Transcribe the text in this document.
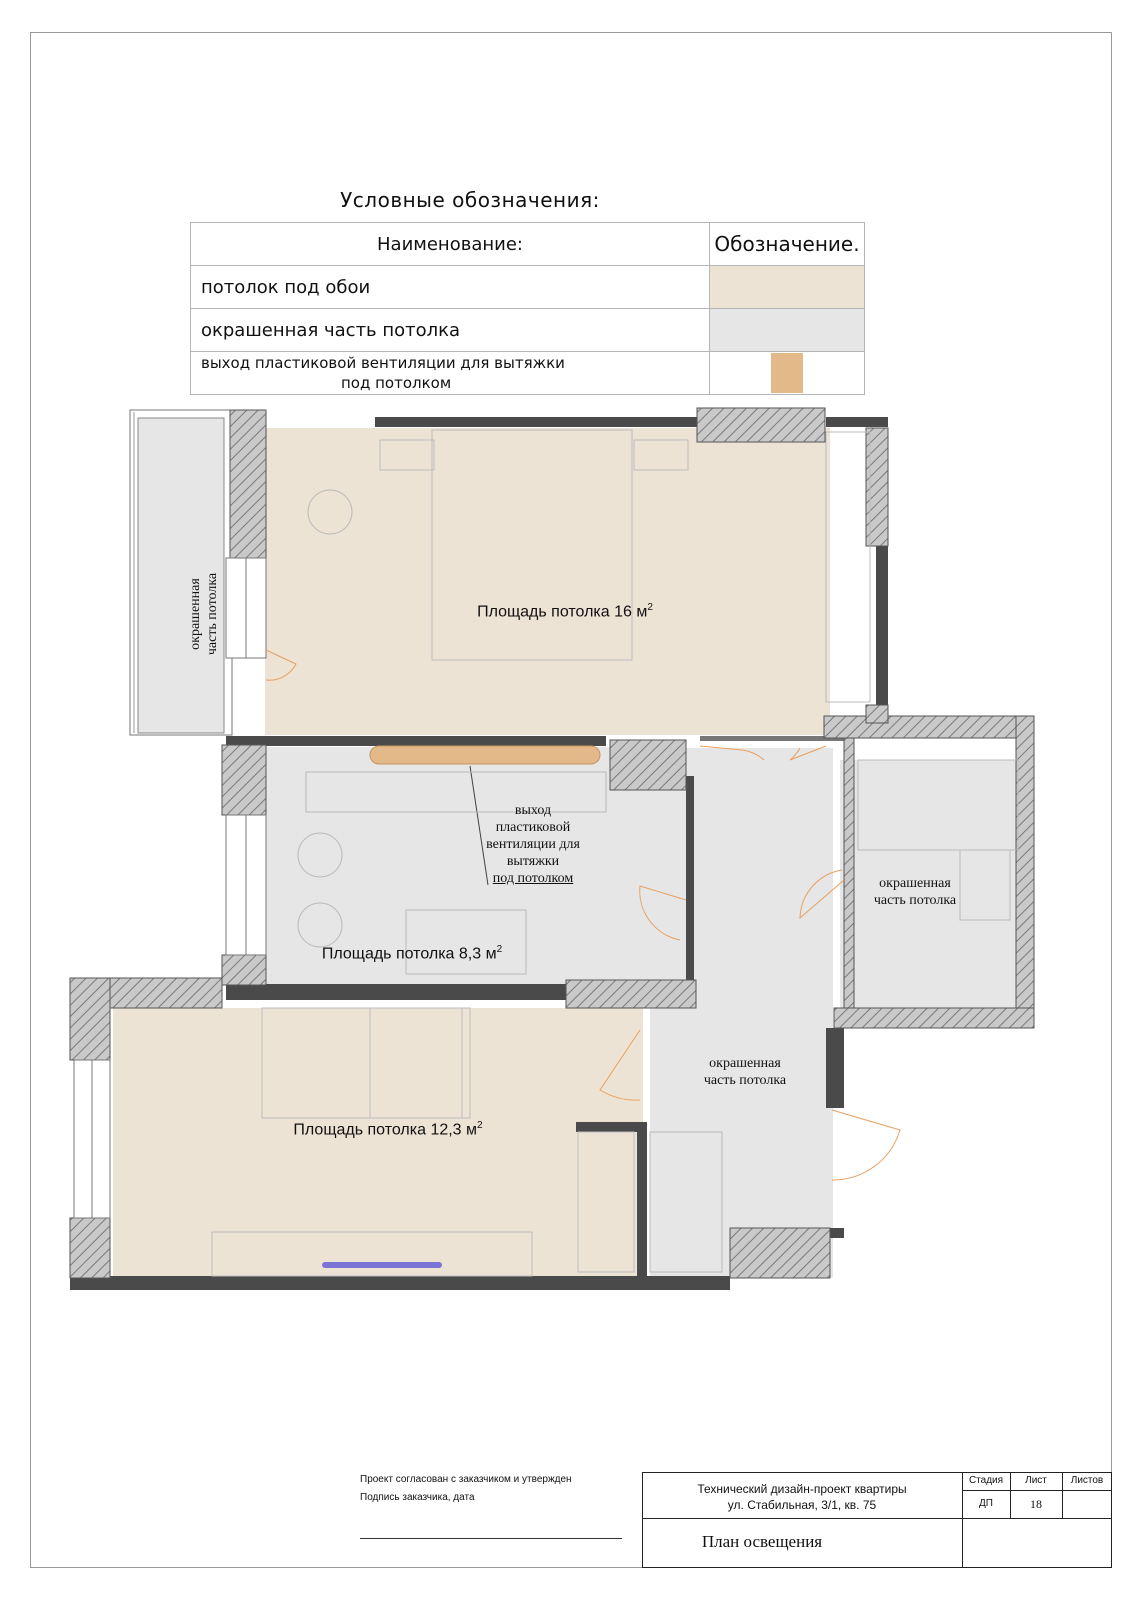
Условные обозначения:
Наименование:	Обозначение.
потолок под обои	
окрашенная часть потолка	

выход пластиковой вентиляции для вытяжки
под потолком	

Площадь потолка 16 $м^2$
Площадь потолка 8,3 $м^2$
Площадь потолка 12,3 $м^2$
окрашенная часть потолка
окрашенная
часть потолка
окрашенная
часть потолка
выход
пластиковой
вентиляции для
вытяжки
под потолком
Проект согласован с заказчиком и утвержден
Подпись заказчика, дата
Технический дизайн-проект квартиры
ул. Стабильная, 3/1, кв. 75
План освещения
Стадия	Лист	Листов
ДП	18
